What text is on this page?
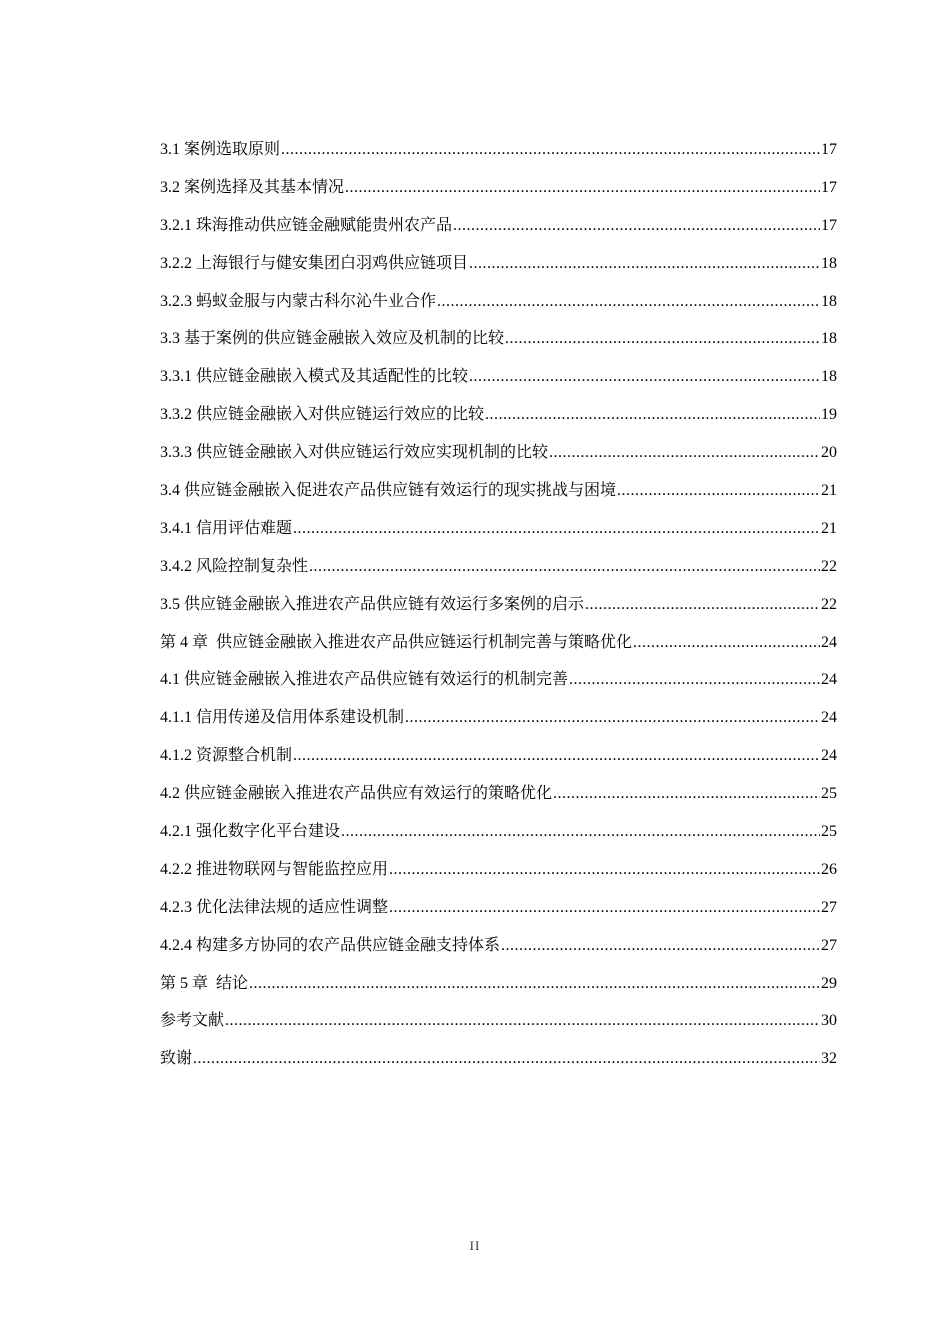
3.1 案例选取原则 .....	17
3.2 案例选择及其基本情况 .....	17
3.2.1 珠海推动供应链金融赋能贵州农产品 .....	17
3.2.2 上海银行与健安集团白羽鸡供应链项目 .....	18
3.2.3 蚂蚁金服与内蒙古科尔沁牛业合作 .....	18
3.3 基于案例的供应链金融嵌入效应及机制的比较 .....	18
3.3.1 供应链金融嵌入模式及其适配性的比较 .....	18
3.3.2 供应链金融嵌入对供应链运行效应的比较 .....	19
3.3.3 供应链金融嵌入对供应链运行效应实现机制的比较 .....	20
3.4 供应链金融嵌入促进农产品供应链有效运行的现实挑战与困境 .....	21
3.4.1 信用评估难题 .....	21
3.4.2 风险控制复杂性 .....	22
3.5 供应链金融嵌入推进农产品供应链有效运行多案例的启示 .....	22
第 4 章  供应链金融嵌入推进农产品供应链运行机制完善与策略优化 .....	24
4.1 供应链金融嵌入推进农产品供应链有效运行的机制完善 .....	24
4.1.1 信用传递及信用体系建设机制 .....	24
4.1.2 资源整合机制 .....	24
4.2 供应链金融嵌入推进农产品供应有效运行的策略优化 .....	25
4.2.1 强化数字化平台建设 .....	25
4.2.2 推进物联网与智能监控应用 .....	26
4.2.3 优化法律法规的适应性调整 .....	27
4.2.4 构建多方协同的农产品供应链金融支持体系 .....	27
第 5 章  结论 .....	29
参考文献 .....	30
致谢 .....	32
II
